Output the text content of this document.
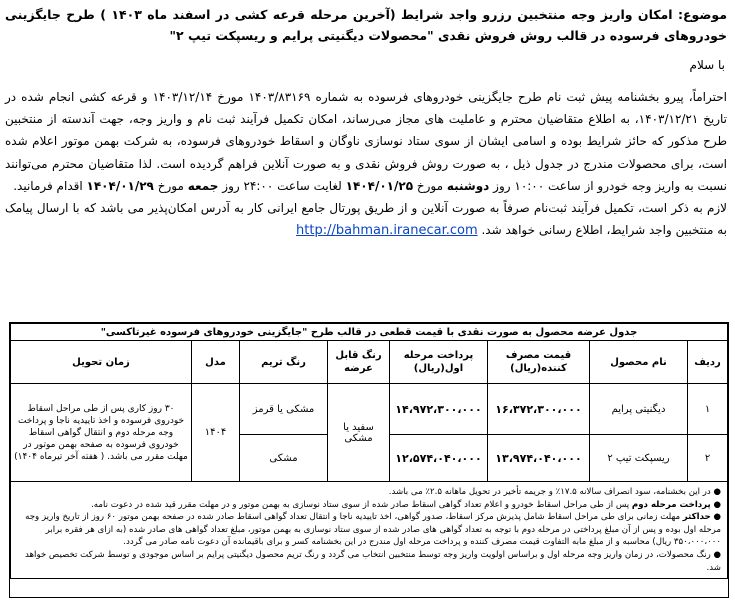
موضوع: امکان واریز وجه منتخبین رزرو واجد شرایط (آخرین مرحله قرعه کشی در اسفند ماه ۱۴۰۳ ) طرح جایگزینی خودروهای فرسوده در قالب روش فروش نقدی "محصولات دیگنیتی پرایم و ریسپکت تیپ ۲"
با سلام
احتراماً، پیرو بخشنامه پیش ثبت نام طرح جایگزینی خودروهای فرسوده به شماره ۱۴۰۳/۸۳۱۶۹ مورخ ۱۴۰۳/۱۲/۱۴ و قرعه کشی انجام شده در تاریخ ۱۴۰۳/۱۲/۲۱، به اطلاع متقاضیان محترم و عاملیت های مجاز می‌رساند، امکان تکمیل فرآیند ثبت نام و واریز وجه، جهت آندسته از منتخبین طرح مذکور که حائز شرایط بوده و اسامی ایشان از سوی ستاد نوسازی ناوگان و اسقاط خودروهای فرسوده، به شرکت بهمن موتور اعلام شده است، برای محصولات مندرج در جدول ذیل ، به صورت روش فروش نقدی و به صورت آنلاین فراهم گردیده است. لذا متقاضیان محترم می‌توانند نسبت به واریز وجه خودرو از ساعت ۱۰:۰۰ روز دوشنبه مورخ ۱۴۰۴/۰۱/۲۵ لغایت ساعت ۲۴:۰۰ روز جمعه مورخ ۱۴۰۴/۰۱/۲۹ اقدام فرمانید.
لازم به ذکر است، تکمیل فرآیند ثبت‌نام صرفاً به صورت آنلاین و از طریق پورتال جامع ایرانی کار به آدرس امکان‌پذیر می باشد که با ارسال پیامک به منتخبین واجد شرایط، اطلاع رسانی خواهد شد. http://bahman.iranecar.com
جدول عرضه محصول به صورت نقدی با قیمت قطعی در قالب طرح "جایگزینی خودروهای فرسوده غیرتاکسی"							
ردیف	نام محصول	قیمت مصرف کننده(ریال)	پرداخت مرحله اول(ریال)	رنگ قابل عرضه	رنگ تریم	مدل	زمان تحویل
۱	دیگنیتی پرایم	۱۶،۳۷۲،۳۰۰،۰۰۰	۱۴،۹۷۲،۳۰۰،۰۰۰	سفید یا مشکی	مشکی یا قرمز	۱۴۰۴	۳۰ روز کاری پس از طی مراحل اسقاط خودروی فرسوده و اخذ تاییدیه ناجا و پرداخت وجه مرحله دوم و انتقال گواهی اسقاط خودروی فرسوده به صفحه بهمن موتور در مهلت مقرر می باشد. ( هفته آخر تیرماه ۱۴۰۴)
۲	ریسپکت تیپ ۲	۱۳،۹۷۴،۰۴۰،۰۰۰	۱۲،۵۷۴،۰۴۰،۰۰۰		مشکی		

● در این بخشنامه، سود انصراف سالانه ۱۷.۵٪ و جریمه تأخیر در تحویل ماهانه ۲.۵٪ می باشد.

● پرداخت مرحله دوم پس از طی مراحل اسقاط خودرو و اعلام تعداد گواهی اسقاط صادر شده از سوی ستاد نوسازی به بهمن موتور و در مهلت مقرر قید شده در دعوت نامه.

● حداکثر مهلت زمانی برای طی مراحل اسقاط شامل پذیرش مرکز اسقاط، صدور گواهی، اخذ تاییدیه ناجا و انتقال تعداد گواهی اسقاط صادر شده در صفحه بهمن موتور ۶۰ روز از تاریخ واریز وجه مرحله اول بوده و پس از آن مبلغ پرداختی در مرحله دوم با توجه به تعداد گواهی های صادر شده از سوی ستاد نوسازی به بهمن موتور، مبلغ تعداد گواهی های صادر شده (به ازای هر فقره برابر ۳۵۰،۰۰۰،۰۰۰ ریال) محاسبه و از مبلغ مابه التفاوت قیمت مصرف کننده و پرداخت مرحله اول مندرج در این بخشنامه کسر و برای باقیمانده آن دعوت نامه صادر می گردد.

● رنگ محصولات، در زمان واریز وجه مرحله اول و براساس اولویت واریز وجه توسط منتخبین انتخاب می گردد و رنگ تریم محصول دیگنیتی پرایم بر اساس موجودی و توسط شرکت تخصیص خواهد شد.							
